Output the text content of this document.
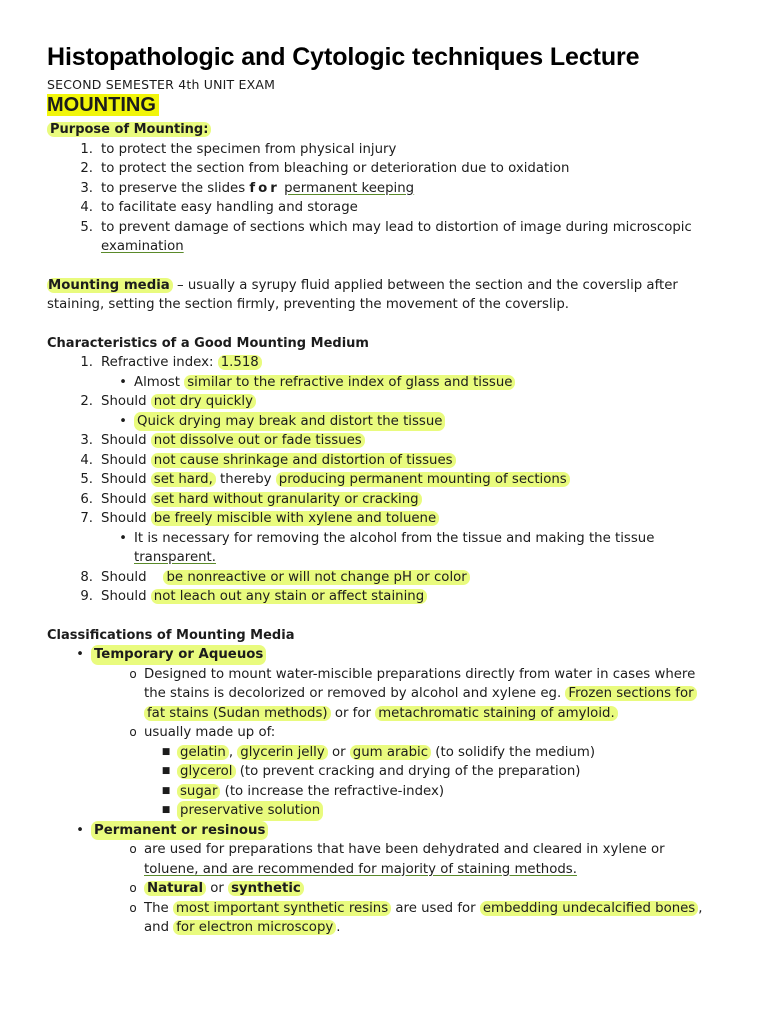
Histopathologic and Cytologic techniques Lecture
SECOND SEMESTER 4th UNIT EXAM
MOUNTING
Purpose of Mounting:
1. to protect the specimen from physical injury
2. to protect the section from bleaching or deterioration due to oxidation
3. to preserve the slides for permanent keeping
4. to facilitate easy handling and storage
5. to prevent damage of sections which may lead to distortion of image during microscopic
examination
Mounting media – usually a syrupy fluid applied between the section and the coverslip after
staining, setting the section firmly, preventing the movement of the coverslip.
Characteristics of a Good Mounting Medium
1. Refractive index: 1.518
• Almost similar to the refractive index of glass and tissue
2. Should not dry quickly
• Quick drying may break and distort the tissue
3. Should not dissolve out or fade tissues
4. Should not cause shrinkage and distortion of tissues
5. Should set hard, thereby producing permanent mounting of sections
6. Should set hard without granularity or cracking
7. Should be freely miscible with xylene and toluene
• It is necessary for removing the alcohol from the tissue and making the tissue
transparent.
8. Should    be nonreactive or will not change pH or color
9. Should not leach out any stain or affect staining
Classifications of Mounting Media
• Temporary or Aqueuos
o Designed to mount water-miscible preparations directly from water in cases where
the stains is decolorized or removed by alcohol and xylene eg. Frozen sections for
fat stains (Sudan methods) or for metachromatic staining of amyloid.
o usually made up of:
■ gelatin , glycerin jelly or gum arabic (to solidify the medium)
■ glycerol (to prevent cracking and drying of the preparation)
■ sugar (to increase the refractive-index)
■ preservative solution
• Permanent or resinous
o are used for preparations that have been dehydrated and cleared in xylene or
toluene, and are recommended for majority of staining methods.
o Natural or synthetic
o The most important synthetic resins are used for embedding undecalcified bones ,
and for electron microscopy .
